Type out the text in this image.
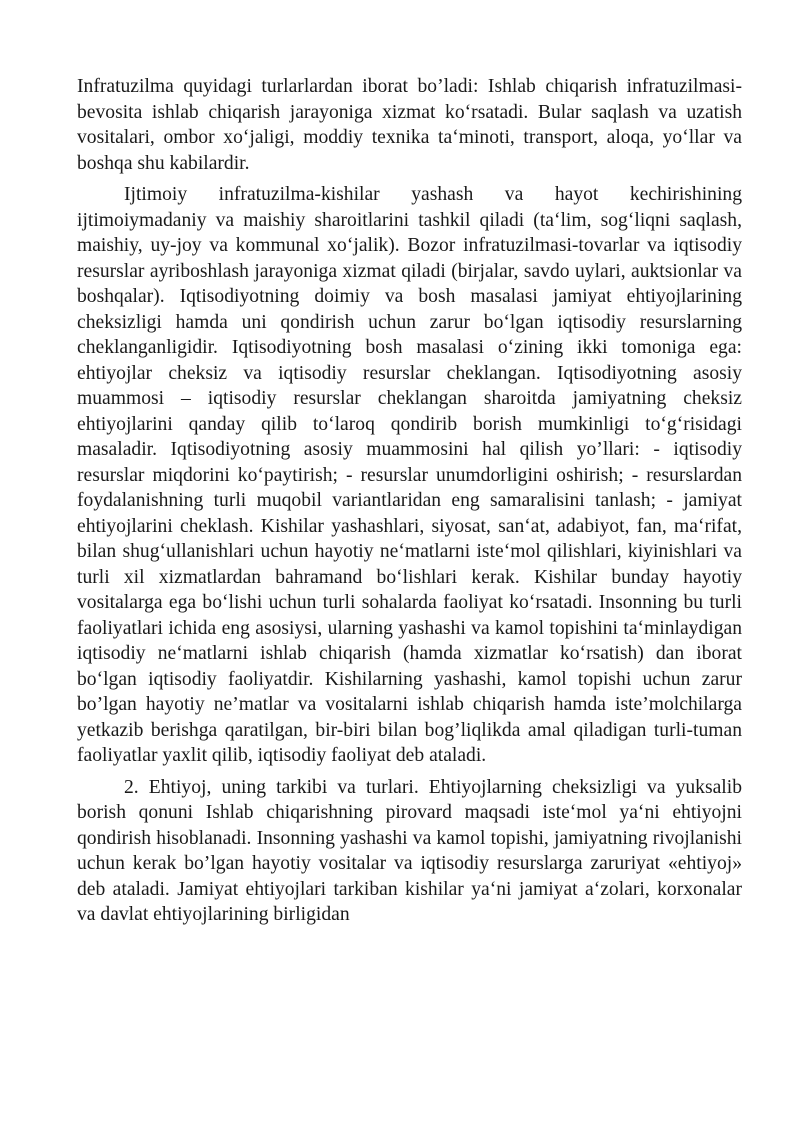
Infratuzilma quyidagi turlarlardan iborat bo’ladi: Ishlab chiqarish infratuzilmasi-bevosita ishlab chiqarish jarayoniga xizmat ko‘rsatadi. Bular saqlash va uzatish vositalari, ombor xo‘jaligi, moddiy texnika ta‘minoti, transport, aloqa, yo‘llar va boshqa shu kabilardir.

Ijtimoiy infratuzilma-kishilar yashash va hayot kechirishining ijtimoiymadaniy va maishiy sharoitlarini tashkil qiladi (ta‘lim, sog‘liqni saqlash, maishiy, uy-joy va kommunal xo‘jalik). Bozor infratuzilmasi-tovarlar va iqtisodiy resurslar ayriboshlash jarayoniga xizmat qiladi (birjalar, savdo uylari, auktsionlar va boshqalar). Iqtisodiyotning doimiy va bosh masalasi jamiyat ehtiyojlarining cheksizligi hamda uni qondirish uchun zarur bo‘lgan iqtisodiy resurslarning cheklanganligidir. Iqtisodiyotning bosh masalasi o‘zining ikki tomoniga ega: ehtiyojlar cheksiz va iqtisodiy resurslar cheklangan. Iqtisodiyotning asosiy muammosi – iqtisodiy resurslar cheklangan sharoitda jamiyatning cheksiz ehtiyojlarini qanday qilib to‘laroq qondirib borish mumkinligi to‘g‘risidagi masaladir. Iqtisodiyotning asosiy muammosini hal qilish yo’llari: - iqtisodiy resurslar miqdorini ko‘paytirish; - resurslar unumdorligini oshirish; - resurslardan foydalanishning turli muqobil variantlaridan eng samaralisini tanlash; - jamiyat ehtiyojlarini cheklash. Kishilar yashashlari, siyosat, san‘at, adabiyot, fan, ma‘rifat, bilan shug‘ullanishlari uchun hayotiy ne‘matlarni iste‘mol qilishlari, kiyinishlari va turli xil xizmatlardan bahramand bo‘lishlari kerak. Kishilar bunday hayotiy vositalarga ega bo‘lishi uchun turli sohalarda faoliyat ko‘rsatadi. Insonning bu turli faoliyatlari ichida eng asosiysi, ularning yashashi va kamol topishini ta‘minlaydigan iqtisodiy ne‘matlarni ishlab chiqarish (hamda xizmatlar ko‘rsatish) dan iborat bo‘lgan iqtisodiy faoliyatdir. Kishilarning yashashi, kamol topishi uchun zarur bo’lgan hayotiy ne’matlar va vositalarni ishlab chiqarish hamda iste’molchilarga yetkazib berishga qaratilgan, bir-biri bilan bog’liqlikda amal qiladigan turli-tuman faoliyatlar yaxlit qilib, iqtisodiy faoliyat deb ataladi.

2. Ehtiyoj, uning tarkibi va turlari. Ehtiyojlarning cheksizligi va yuksalib borish qonuni Ishlab chiqarishning pirovard maqsadi iste‘mol ya‘ni ehtiyojni qondirish hisoblanadi. Insonning yashashi va kamol topishi, jamiyatning rivojlanishi uchun kerak bo’lgan hayotiy vositalar va iqtisodiy resurslarga zaruriyat «ehtiyoj» deb ataladi. Jamiyat ehtiyojlari tarkiban kishilar ya‘ni jamiyat a‘zolari, korxonalar va davlat ehtiyojlarining birligidan
